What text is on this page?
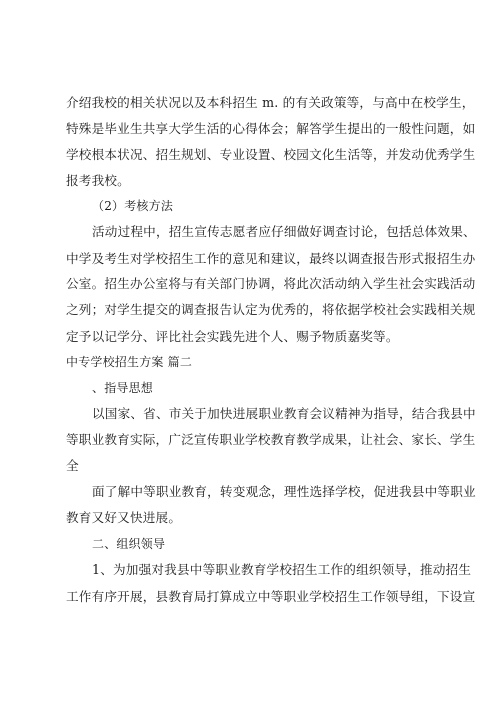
介绍我校的相关状况以及本科招生 m. 的有关政策等，与高中在校学生，
特殊是毕业生共享大学生活的心得体会；解答学生提出的一般性问题，如
学校根本状况、招生规划、专业设置、校园文化生活等，并发动优秀学生
报考我校。
（2）考核方法
活动过程中，招生宣传志愿者应仔细做好调查讨论，包括总体效果、
中学及考生对学校招生工作的意见和建议，最终以调查报告形式报招生办
公室。招生办公室将与有关部门协调，将此次活动纳入学生社会实践活动
之列；对学生提交的调查报告认定为优秀的，将依据学校社会实践相关规
定予以记学分、评比社会实践先进个人、赐予物质嘉奖等。
中专学校招生方案 篇二
、指导思想
以国家、省、市关于加快进展职业教育会议精神为指导，结合我县中
等职业教育实际，广泛宣传职业学校教育教学成果，让社会、家长、学生
全
面了解中等职业教育，转变观念，理性选择学校，促进我县中等职业
教育又好又快进展。
二、组织领导
1、为加强对我县中等职业教育学校招生工作的组织领导，推动招生
工作有序开展，县教育局打算成立中等职业学校招生工作领导组，下设宣
